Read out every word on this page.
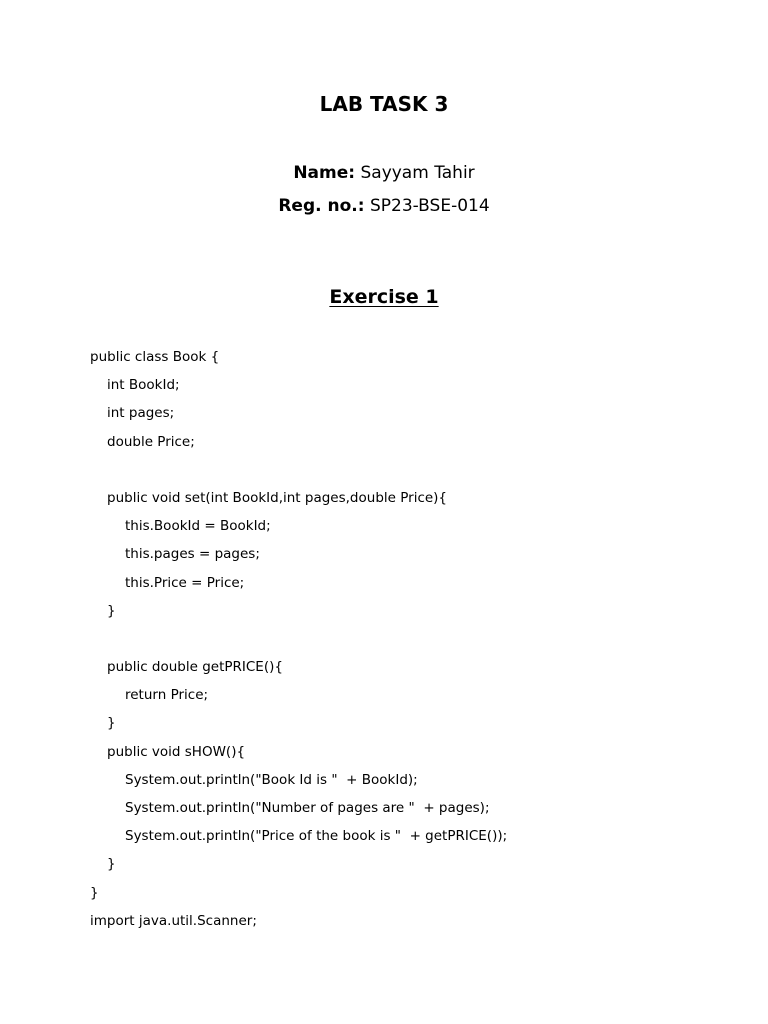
LAB TASK 3
Name: Sayyam Tahir
Reg. no.: SP23-BSE-014
Exercise 1
public class Book {
int BookId;
int pages;
double Price;
public void set(int BookId,int pages,double Price){
this.BookId = BookId;
this.pages = pages;
this.Price = Price;
}
public double getPRICE(){
return Price;
}
public void sHOW(){
System.out.println("Book Id is "  + BookId);
System.out.println("Number of pages are "  + pages);
System.out.println("Price of the book is "  + getPRICE());
}
}
import java.util.Scanner;
